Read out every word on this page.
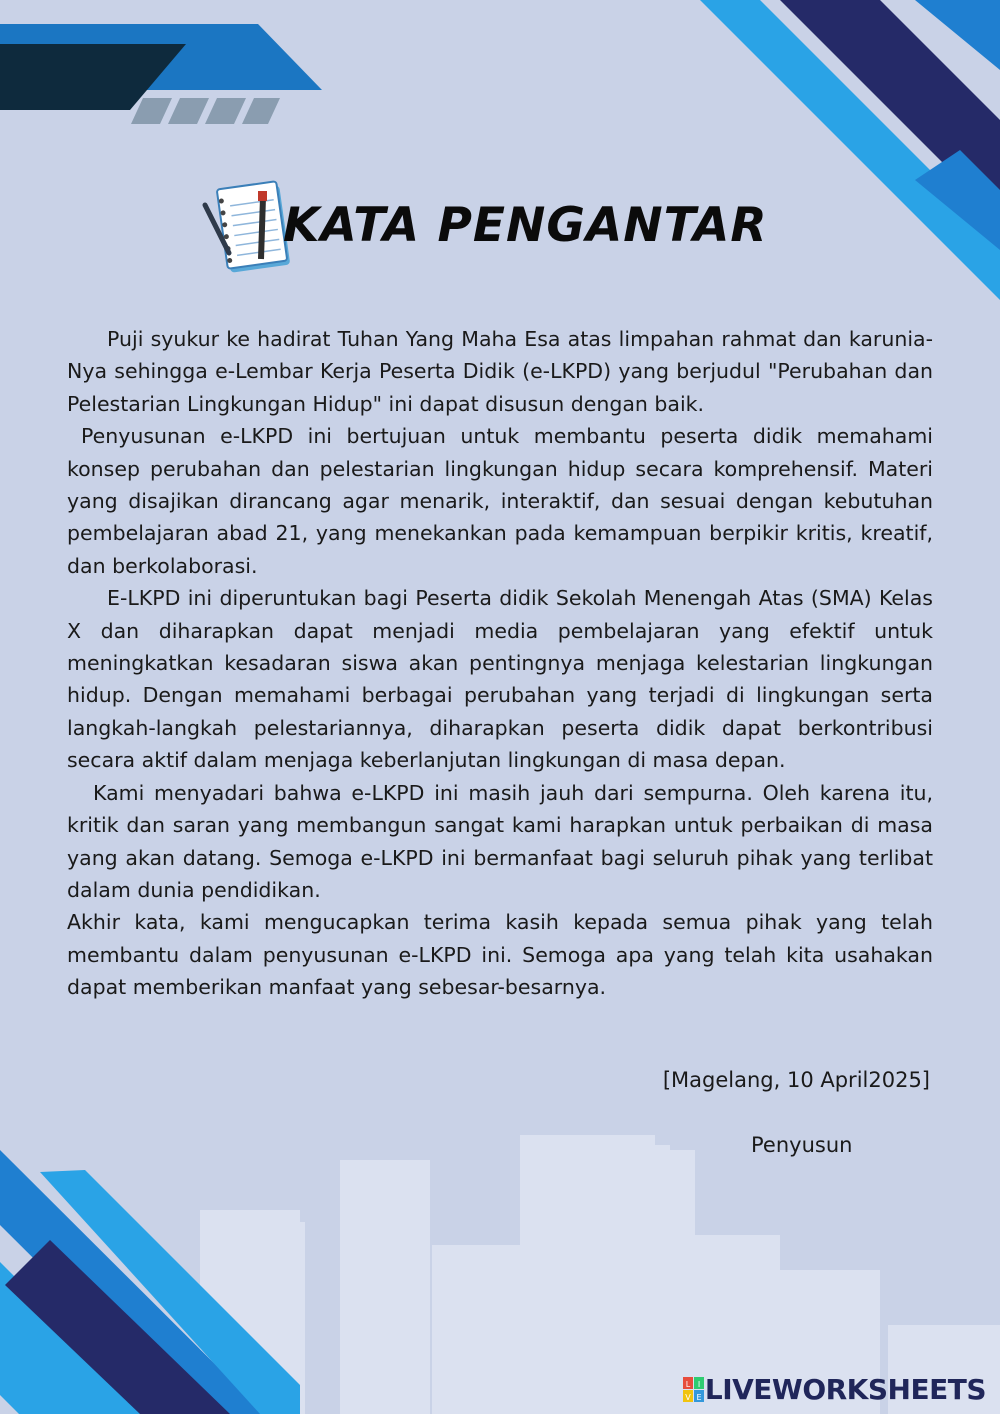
KATA PENGANTAR

Puji syukur ke hadirat Tuhan Yang Maha Esa atas limpahan rahmat dan karunia-Nya sehingga e-Lembar Kerja Peserta Didik (e-LKPD) yang berjudul "Perubahan dan Pelestarian Lingkungan Hidup" ini dapat disusun dengan baik.

Penyusunan e-LKPD ini bertujuan untuk membantu peserta didik memahami konsep perubahan dan pelestarian lingkungan hidup secara komprehensif. Materi yang disajikan dirancang agar menarik, interaktif, dan sesuai dengan kebutuhan pembelajaran abad 21, yang menekankan pada kemampuan berpikir kritis, kreatif, dan berkolaborasi.

E-LKPD ini diperuntukan bagi Peserta didik Sekolah Menengah Atas (SMA) Kelas X dan diharapkan dapat menjadi media pembelajaran yang efektif untuk meningkatkan kesadaran siswa akan pentingnya menjaga kelestarian lingkungan hidup. Dengan memahami berbagai perubahan yang terjadi di lingkungan serta langkah-langkah pelestariannya, diharapkan peserta didik dapat berkontribusi secara aktif dalam menjaga keberlanjutan lingkungan di masa depan.

Kami menyadari bahwa e-LKPD ini masih jauh dari sempurna. Oleh karena itu, kritik dan saran yang membangun sangat kami harapkan untuk perbaikan di masa yang akan datang. Semoga e-LKPD ini bermanfaat bagi seluruh pihak yang terlibat dalam dunia pendidikan.

Akhir kata, kami mengucapkan terima kasih kepada semua pihak yang telah membantu dalam penyusunan e-LKPD ini. Semoga apa yang telah kita usahakan dapat memberikan manfaat yang sebesar-besarnya.

[Magelang, 10 April2025]
Penyusun
L I
V E LIVEWORKSHEETS
